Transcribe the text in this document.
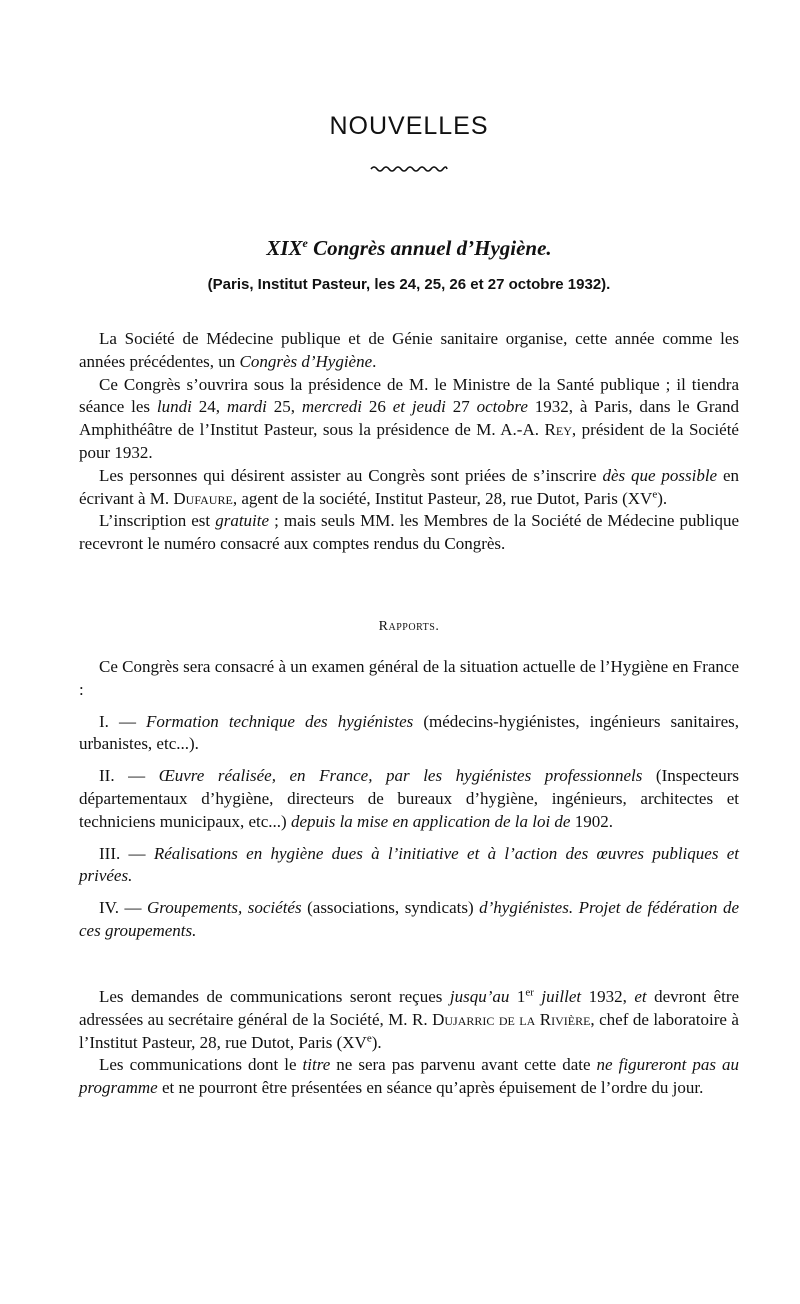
NOUVELLES
XIXe Congrès annuel d’Hygiène.
(Paris, Institut Pasteur, les 24, 25, 26 et 27 octobre 1932).

La Société de Médecine publique et de Génie sanitaire organise, cette année comme les années précédentes, un Congrès d’Hygiène.

Ce Congrès s’ouvrira sous la présidence de M. le Ministre de la Santé publique ; il tiendra séance les lundi 24, mardi 25, mercredi 26 et jeudi 27 octobre 1932, à Paris, dans le Grand Amphithéâtre de l’Institut Pasteur, sous la présidence de M. A.-A. Rey, président de la Société pour 1932.

Les personnes qui désirent assister au Congrès sont priées de s’inscrire dès que possible en écrivant à M. Dufaure, agent de la société, Institut Pasteur, 28, rue Dutot, Paris (XVe).

L’inscription est gratuite ; mais seuls MM. les Membres de la Société de Médecine publique recevront le numéro consacré aux comptes rendus du Congrès.

Rapports.

Ce Congrès sera consacré à un examen général de la situation actuelle de l’Hygiène en France :

I. — Formation technique des hygiénistes (médecins-hygiénistes, ingénieurs sanitaires, urbanistes, etc...).

II. — Œuvre réalisée, en France, par les hygiénistes professionnels (Inspecteurs départementaux d’hygiène, directeurs de bureaux d’hygiène, ingénieurs, architectes et techniciens municipaux, etc...) depuis la mise en application de la loi de 1902.

III. — Réalisations en hygiène dues à l’initiative et à l’action des œuvres publiques et privées.

IV. — Groupements, sociétés (associations, syndicats) d’hygiénistes. Projet de fédération de ces groupements.

Les demandes de communications seront reçues jusqu’au 1er juillet 1932, et devront être adressées au secrétaire général de la Société, M. R. Dujarric de la Rivière, chef de laboratoire à l’Institut Pasteur, 28, rue Dutot, Paris (XVe).

Les communications dont le titre ne sera pas parvenu avant cette date ne figureront pas au programme et ne pourront être présentées en séance qu’après épuisement de l’ordre du jour.
